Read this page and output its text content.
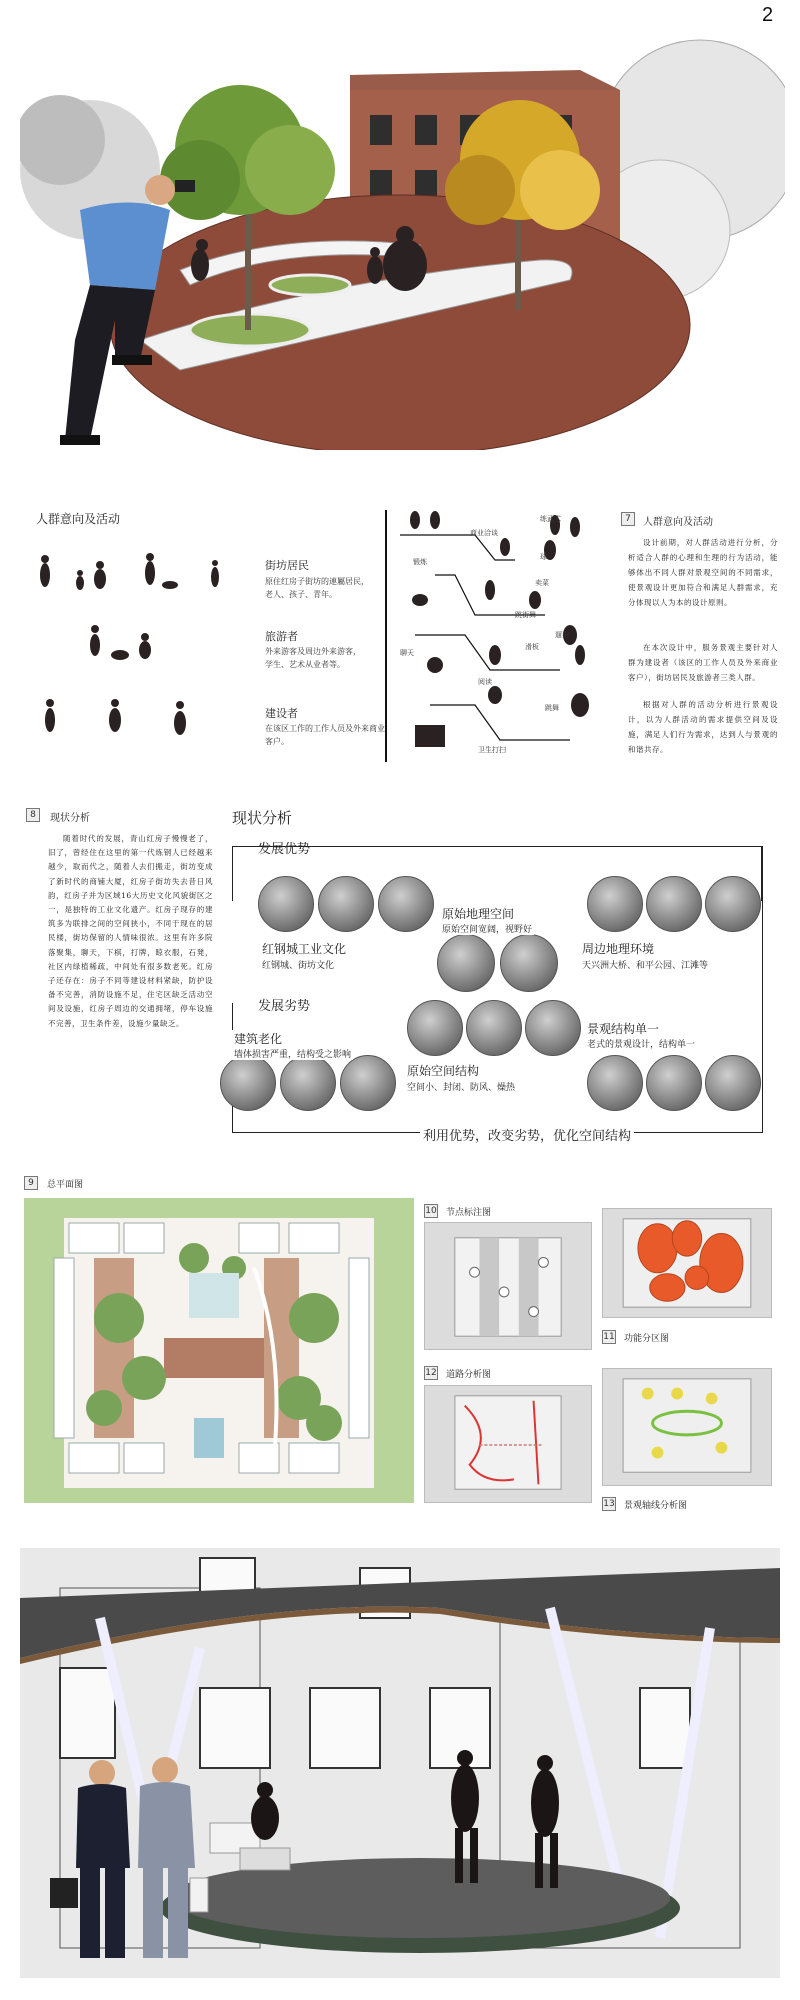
2
人群意向及活动
街坊居民
原住红房子街坊的連屬居民，
老人、孩子、青年。
旅游者
外来游客及周边外来游客，
学生、艺术从业者等。
建设者
在该区工作的工作人员及外来商业
客户。
商业洽谈
练武术
锻炼
球
卖菜
跳街舞
滑板
遛狗
聊天
阅读
跳舞
卫生打扫
7	人群意向及活动
设计前期，对人群活动进行分析，分析适合人群的心理和生理的行为活动，能够体出不同人群对景观空间的不同需求，使景观设计更加符合和满足人群需求，充分体现以人为本的设计原则。
在本次设计中，服务景观主要针对人群为建设者（该区的工作人员及外来商业客户），街坊居民及旅游者三类人群。
根据对人群的活动分析进行景观设计，以为人群活动的需求提供空间及设施，满足人们行为需求，达到人与景观的和谐共存。
8	现状分析
随着时代的发展，青山红房子慢慢老了，旧了，曾经住在这里的第一代炼钢人已经越来越少，取而代之，随着人去们搬走，街坊变成了新时代的商铺大厦，红房子街坊失去昔日风韵，红房子并为区域16大历史文化风貌街区之一，是独特的工业文化遗产。红房子现存的建筑多为联排之间的空间狭小，不同于现在的居民楼，街坊保留的人情味很浓。这里有许多院落聚集，聊天，下棋，打牌，晾衣服，石凳，社区内绿植稀疏，中间处有很多数老死。红房子还存在：房子不同等建设材料紧缺，防护设备不完善，消防设施不足，住宅区缺乏活动空间及设施，红房子周边的交通拥堵，停车设施不完善，卫生条件差，设施少量缺乏。
现状分析
发展优势
发展劣势
红钢城工业文化
红钢城、街坊文化
原始地理空间
原始空间宽阔，视野好
周边地理环境
天兴洲大桥、和平公园、江滩等
建筑老化
墙体损害严重，结构受之影响
原始空间结构
空间小、封闭、防风、燥热
景观结构单一
老式的景观设计，结构单一
利用优势，改变劣势，优化空间结构
9	总平面图
10 节点标注图
11 功能分区图
12 道路分析图
13 景观轴线分析图
